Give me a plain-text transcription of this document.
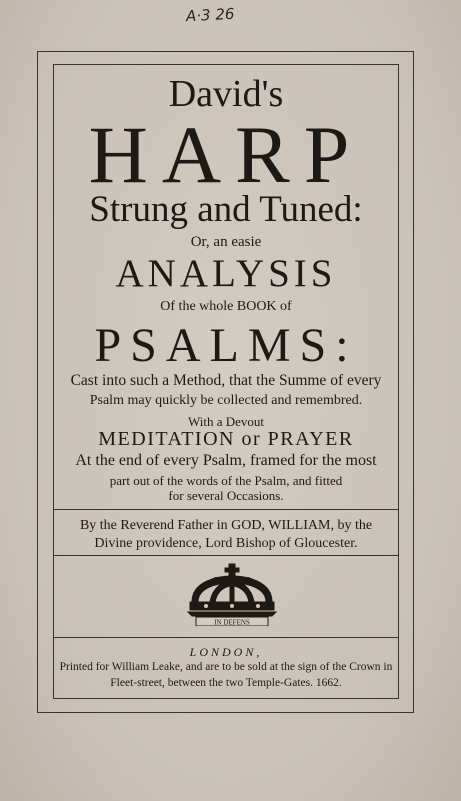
A·3 26
David's
HARP
Strung and Tuned:
Or, an easie
ANALYSIS
Of the whole BOOK of
PSALMS:
Cast into such a Method, that the Summe of every
Psalm may quickly be collected and remembred.
With a Devout
MEDITATION or PRAYER
At the end of every Psalm, framed for the most
part out of the words of the Psalm, and fitted
for several Occasions.
By the Reverend Father in GOD, WILLIAM, by the
Divine providence, Lord Bishop of Gloucester.
IN DEFENS
LONDON,
Printed for William Leake, and are to be sold at the sign of the Crown in
Fleet-street, between the two Temple-Gates. 1662.
